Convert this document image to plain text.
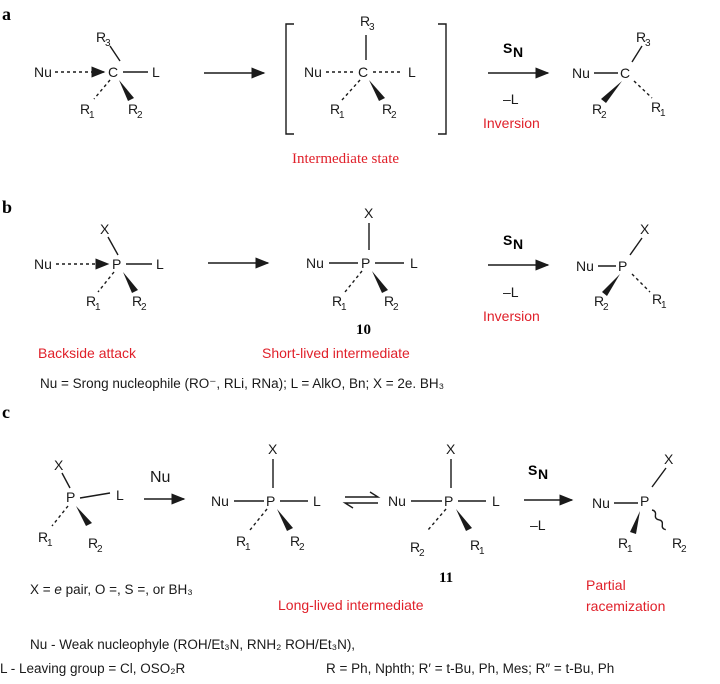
a
Nu	C
R
3
L
R
1 R
2
R
3
Nu	C	L
R
1	R
2
Intermediate state
S N
–L
Inversion
Nu C
R
3
R
2
R
1
b
X
Nu	P L
R
1 R
2
Backside attack
X
Nu	P	L
R
1	R
2
10
Short-lived intermediate
S N
–L
Inversion
X
Nu P
R
2
R
1
Nu = Srong nucleophile (RO⁻, RLi, RNa); L = AlkO, Bn; X = 2e. BH₃
c
X
P	L
R
1	R
2
Nu
X
Nu	P	L
R
1	R
2
X
Nu	P	L
R
2
R
1
11
Long-lived intermediate
S N
–L
X
Nu P
R
1	R
2
Partial
racemization
X = e pair, O =, S =, or BH₃
Nu - Weak nucleophyle (ROH/Et₃N, RNH₂ ROH/Et₃N),
L - Leaving group = Cl, OSO₂R	R = Ph, Nphth; R′ = t-Bu, Ph, Mes; R″ = t-Bu, Ph
